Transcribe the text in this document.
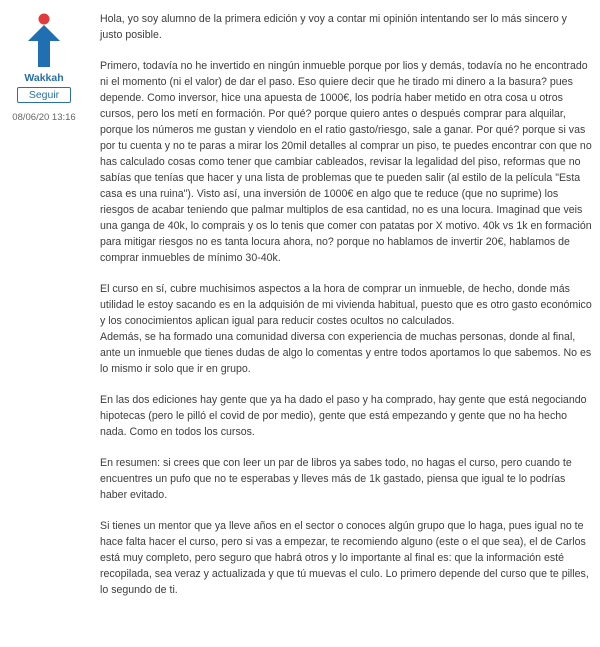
Wakkah
Seguir
08/06/20 13:16

Hola, yo soy alumno de la primera edición y voy a contar mi opinión intentando ser lo más sincero y justo posible.

Primero, todavía no he invertido en ningún inmueble porque por lios y demás, todavía no he encontrado ni el momento (ni el valor) de dar el paso. Eso quiere decir que he tirado mi dinero a la basura? pues depende. Como inversor, hice una apuesta de 1000€, los podría haber metido en otra cosa u otros cursos, pero los metí en formación. Por qué? porque quiero antes o después comprar para alquilar, porque los números me gustan y viendolo en el ratio gasto/riesgo, sale a ganar. Por qué? porque si vas por tu cuenta y no te paras a mirar los 20mil detalles al comprar un piso, te puedes encontrar con que no has calculado cosas como tener que cambiar cableados, revisar la legalidad del piso, reformas que no sabías que tenías que hacer y una lista de problemas que te pueden salir (al estilo de la película "Esta casa es una ruina"). Visto así, una inversión de 1000€ en algo que te reduce (que no suprime) los riesgos de acabar teniendo que palmar multiplos de esa cantidad, no es una locura. Imaginad que veis una ganga de 40k, lo comprais y os lo tenis que comer con patatas por X motivo. 40k vs 1k en formación para mitigar riesgos no es tanta locura ahora, no? porque no hablamos de invertir 20€, hablamos de comprar inmuebles de mínimo 30-40k.

El curso en sí, cubre muchisimos aspectos a la hora de comprar un inmueble, de hecho, donde más utilidad le estoy sacando es en la adquisión de mi vivienda habitual, puesto que es otro gasto económico y los conocimientos aplican igual para reducir costes ocultos no calculados.

Además, se ha formado una comunidad diversa con experiencia de muchas personas, donde al final, ante un inmueble que tienes dudas de algo lo comentas y entre todos aportamos lo que sabemos. No es lo mismo ir solo que ir en grupo.

En las dos ediciones hay gente que ya ha dado el paso y ha comprado, hay gente que está negociando hipotecas (pero le pilló el covid de por medio), gente que está empezando y gente que no ha hecho nada. Como en todos los cursos.

En resumen: si crees que con leer un par de libros ya sabes todo, no hagas el curso, pero cuando te encuentres un pufo que no te esperabas y lleves más de 1k gastado, piensa que igual te lo podrías haber evitado.

Si tienes un mentor que ya lleve años en el sector o conoces algún grupo que lo haga, pues igual no te hace falta hacer el curso, pero si vas a empezar, te recomiendo alguno (este o el que sea), el de Carlos está muy completo, pero seguro que habrá otros y lo importante al final es: que la información esté recopilada, sea veraz y actualizada y que tú muevas el culo. Lo primero depende del curso que te pilles, lo segundo de ti.
